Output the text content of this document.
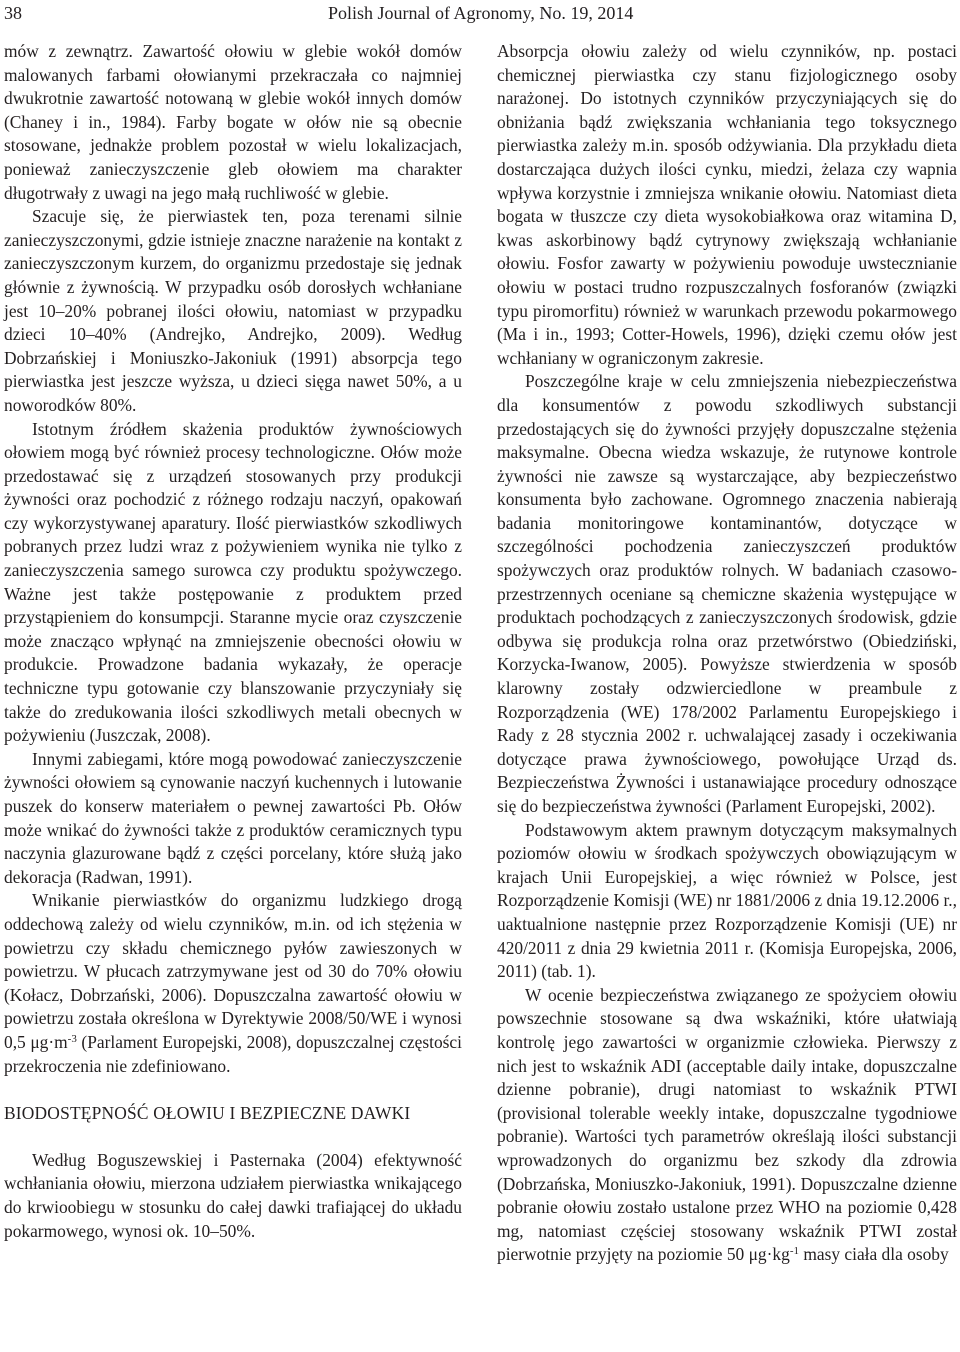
38	Polish Journal of Agronomy, No. 19, 2014

mów z zewnątrz. Zawartość ołowiu w glebie wokół domów malowanych farbami ołowianymi przekraczała co najmniej dwukrotnie zawartość notowaną w glebie wokół innych domów (Chaney i in., 1984). Farby bogate w ołów nie są obecnie stosowane, jednakże problem pozostał w wielu lokalizacjach, ponieważ zanieczyszczenie gleb ołowiem ma charakter długotrwały z uwagi na jego małą ruchliwość w glebie.

Szacuje się, że pierwiastek ten, poza terenami silnie zanieczyszczonymi, gdzie istnieje znaczne narażenie na kontakt z zanieczyszczonym kurzem, do organizmu przedostaje się jednak głównie z żywnością. W przypadku osób dorosłych wchłaniane jest 10–20% pobranej ilości ołowiu, natomiast w przypadku dzieci 10–40% (Andrejko, Andrejko, 2009). Według Dobrzańskiej i Moniuszko-Jakoniuk (1991) absorpcja tego pierwiastka jest jeszcze wyższa, u dzieci sięga nawet 50%, a u noworodków 80%.

Istotnym źródłem skażenia produktów żywnościowych ołowiem mogą być również procesy technologiczne. Ołów może przedostawać się z urządzeń stosowanych przy produkcji żywności oraz pochodzić z różnego rodzaju naczyń, opakowań czy wykorzystywanej aparatury. Ilość pierwiastków szkodliwych pobranych przez ludzi wraz z pożywieniem wynika nie tylko z zanieczyszczenia samego surowca czy produktu spożywczego. Ważne jest także postępowanie z produktem przed przystąpieniem do konsumpcji. Staranne mycie oraz czyszczenie może znacząco wpłynąć na zmniejszenie obecności ołowiu w produkcie. Prowadzone badania wykazały, że operacje techniczne typu gotowanie czy blanszowanie przyczyniały się także do zredukowania ilości szkodliwych metali obecnych w pożywieniu (Juszczak, 2008).

Innymi zabiegami, które mogą powodować zanieczyszczenie żywności ołowiem są cynowanie naczyń kuchennych i lutowanie puszek do konserw materiałem o pewnej zawartości Pb. Ołów może wnikać do żywności także z produktów ceramicznych typu naczynia glazurowane bądź z części porcelany, które służą jako dekoracja (Radwan, 1991).

Wnikanie pierwiastków do organizmu ludzkiego drogą oddechową zależy od wielu czynników, m.in. od ich stężenia w powietrzu czy składu chemicznego pyłów zawieszonych w powietrzu. W płucach zatrzymywane jest od 30 do 70% ołowiu (Kołacz, Dobrzański, 2006). Dopuszczalna zawartość ołowiu w powietrzu została określona w Dyrektywie 2008/50/WE i wynosi 0,5 $\mu g\cdot m^{-3}$ (Parlament Europejski, 2008), dopuszczalnej częstości przekroczenia nie zdefiniowano.

BIODOSTĘPNOŚĆ OŁOWIU I BEZPIECZNE DAWKI

Według Boguszewskiej i Pasternaka (2004) efektywność wchłaniania ołowiu, mierzona udziałem pierwiastka wnikającego do krwioobiegu w stosunku do całej dawki trafiającej do układu pokarmowego, wynosi ok. 10–50%.

Absorpcja ołowiu zależy od wielu czynników, np. postaci chemicznej pierwiastka czy stanu fizjologicznego osoby narażonej. Do istotnych czynników przyczyniających się do obniżania bądź zwiększania wchłaniania tego toksycznego pierwiastka zależy m.in. sposób odżywiania. Dla przykładu dieta dostarczająca dużych ilości cynku, miedzi, żelaza czy wapnia wpływa korzystnie i zmniejsza wnikanie ołowiu. Natomiast dieta bogata w tłuszcze czy dieta wysokobiałkowa oraz witamina D, kwas askorbinowy bądź cytrynowy zwiększają wchłanianie ołowiu. Fosfor zawarty w pożywieniu powoduje uwstecznianie ołowiu w postaci trudno rozpuszczalnych fosforanów (związki typu piromorfitu) również w warunkach przewodu pokarmowego (Ma i in., 1993; Cotter-Howels, 1996), dzięki czemu ołów jest wchłaniany w ograniczonym zakresie.

Poszczególne kraje w celu zmniejszenia niebezpieczeństwa dla konsumentów z powodu szkodliwych substancji przedostających się do żywności przyjęły dopuszczalne stężenia maksymalne. Obecna wiedza wskazuje, że rutynowe kontrole żywności nie zawsze są wystarczające, aby bezpieczeństwo konsumenta było zachowane. Ogromnego znaczenia nabierają badania monitoringowe kontaminantów, dotyczące w szczególności pochodzenia zanieczyszczeń produktów spożywczych oraz produktów rolnych. W badaniach czasowo-przestrzennych oceniane są chemiczne skażenia występujące w produktach pochodzących z zanieczyszczonych środowisk, gdzie odbywa się produkcja rolna oraz przetwórstwo (Obiedziński, Korzycka-Iwanow, 2005). Powyższe stwierdzenia w sposób klarowny zostały odzwierciedlone w preambule z Rozporządzenia (WE) 178/2002 Parlamentu Europejskiego i Rady z 28 stycznia 2002 r. uchwalającej zasady i oczekiwania dotyczące prawa żywnościowego, powołujące Urząd ds. Bezpieczeństwa Żywności i ustanawiające procedury odnoszące się do bezpieczeństwa żywności (Parlament Europejski, 2002).

Podstawowym aktem prawnym dotyczącym maksymalnych poziomów ołowiu w środkach spożywczych obowiązującym w krajach Unii Europejskiej, a więc również w Polsce, jest Rozporządzenie Komisji (WE) nr 1881/2006 z dnia 19.12.2006 r., uaktualnione następnie przez Rozporządzenie Komisji (UE) nr 420/2011 z dnia 29 kwietnia 2011 r. (Komisja Europejska, 2006, 2011) (tab. 1).

W ocenie bezpieczeństwa związanego ze spożyciem ołowiu powszechnie stosowane są dwa wskaźniki, które ułatwiają kontrolę jego zawartości w organizmie człowieka. Pierwszy z nich jest to wskaźnik ADI (acceptable daily intake, dopuszczalne dzienne pobranie), drugi natomiast to wskaźnik PTWI (provisional tolerable weekly intake, dopuszczalne tygodniowe pobranie). Wartości tych parametrów określają ilości substancji wprowadzonych do organizmu bez szkody dla zdrowia (Dobrzańska, Moniuszko-Jakoniuk, 1991). Dopuszczalne dzienne pobranie ołowiu zostało ustalone przez WHO na poziomie 0,428 mg, natomiast częściej stosowany wskaźnik PTWI został pierwotnie przyjęty na poziomie 50 $\mu g\cdot kg^{-1}$ masy ciała dla osoby
